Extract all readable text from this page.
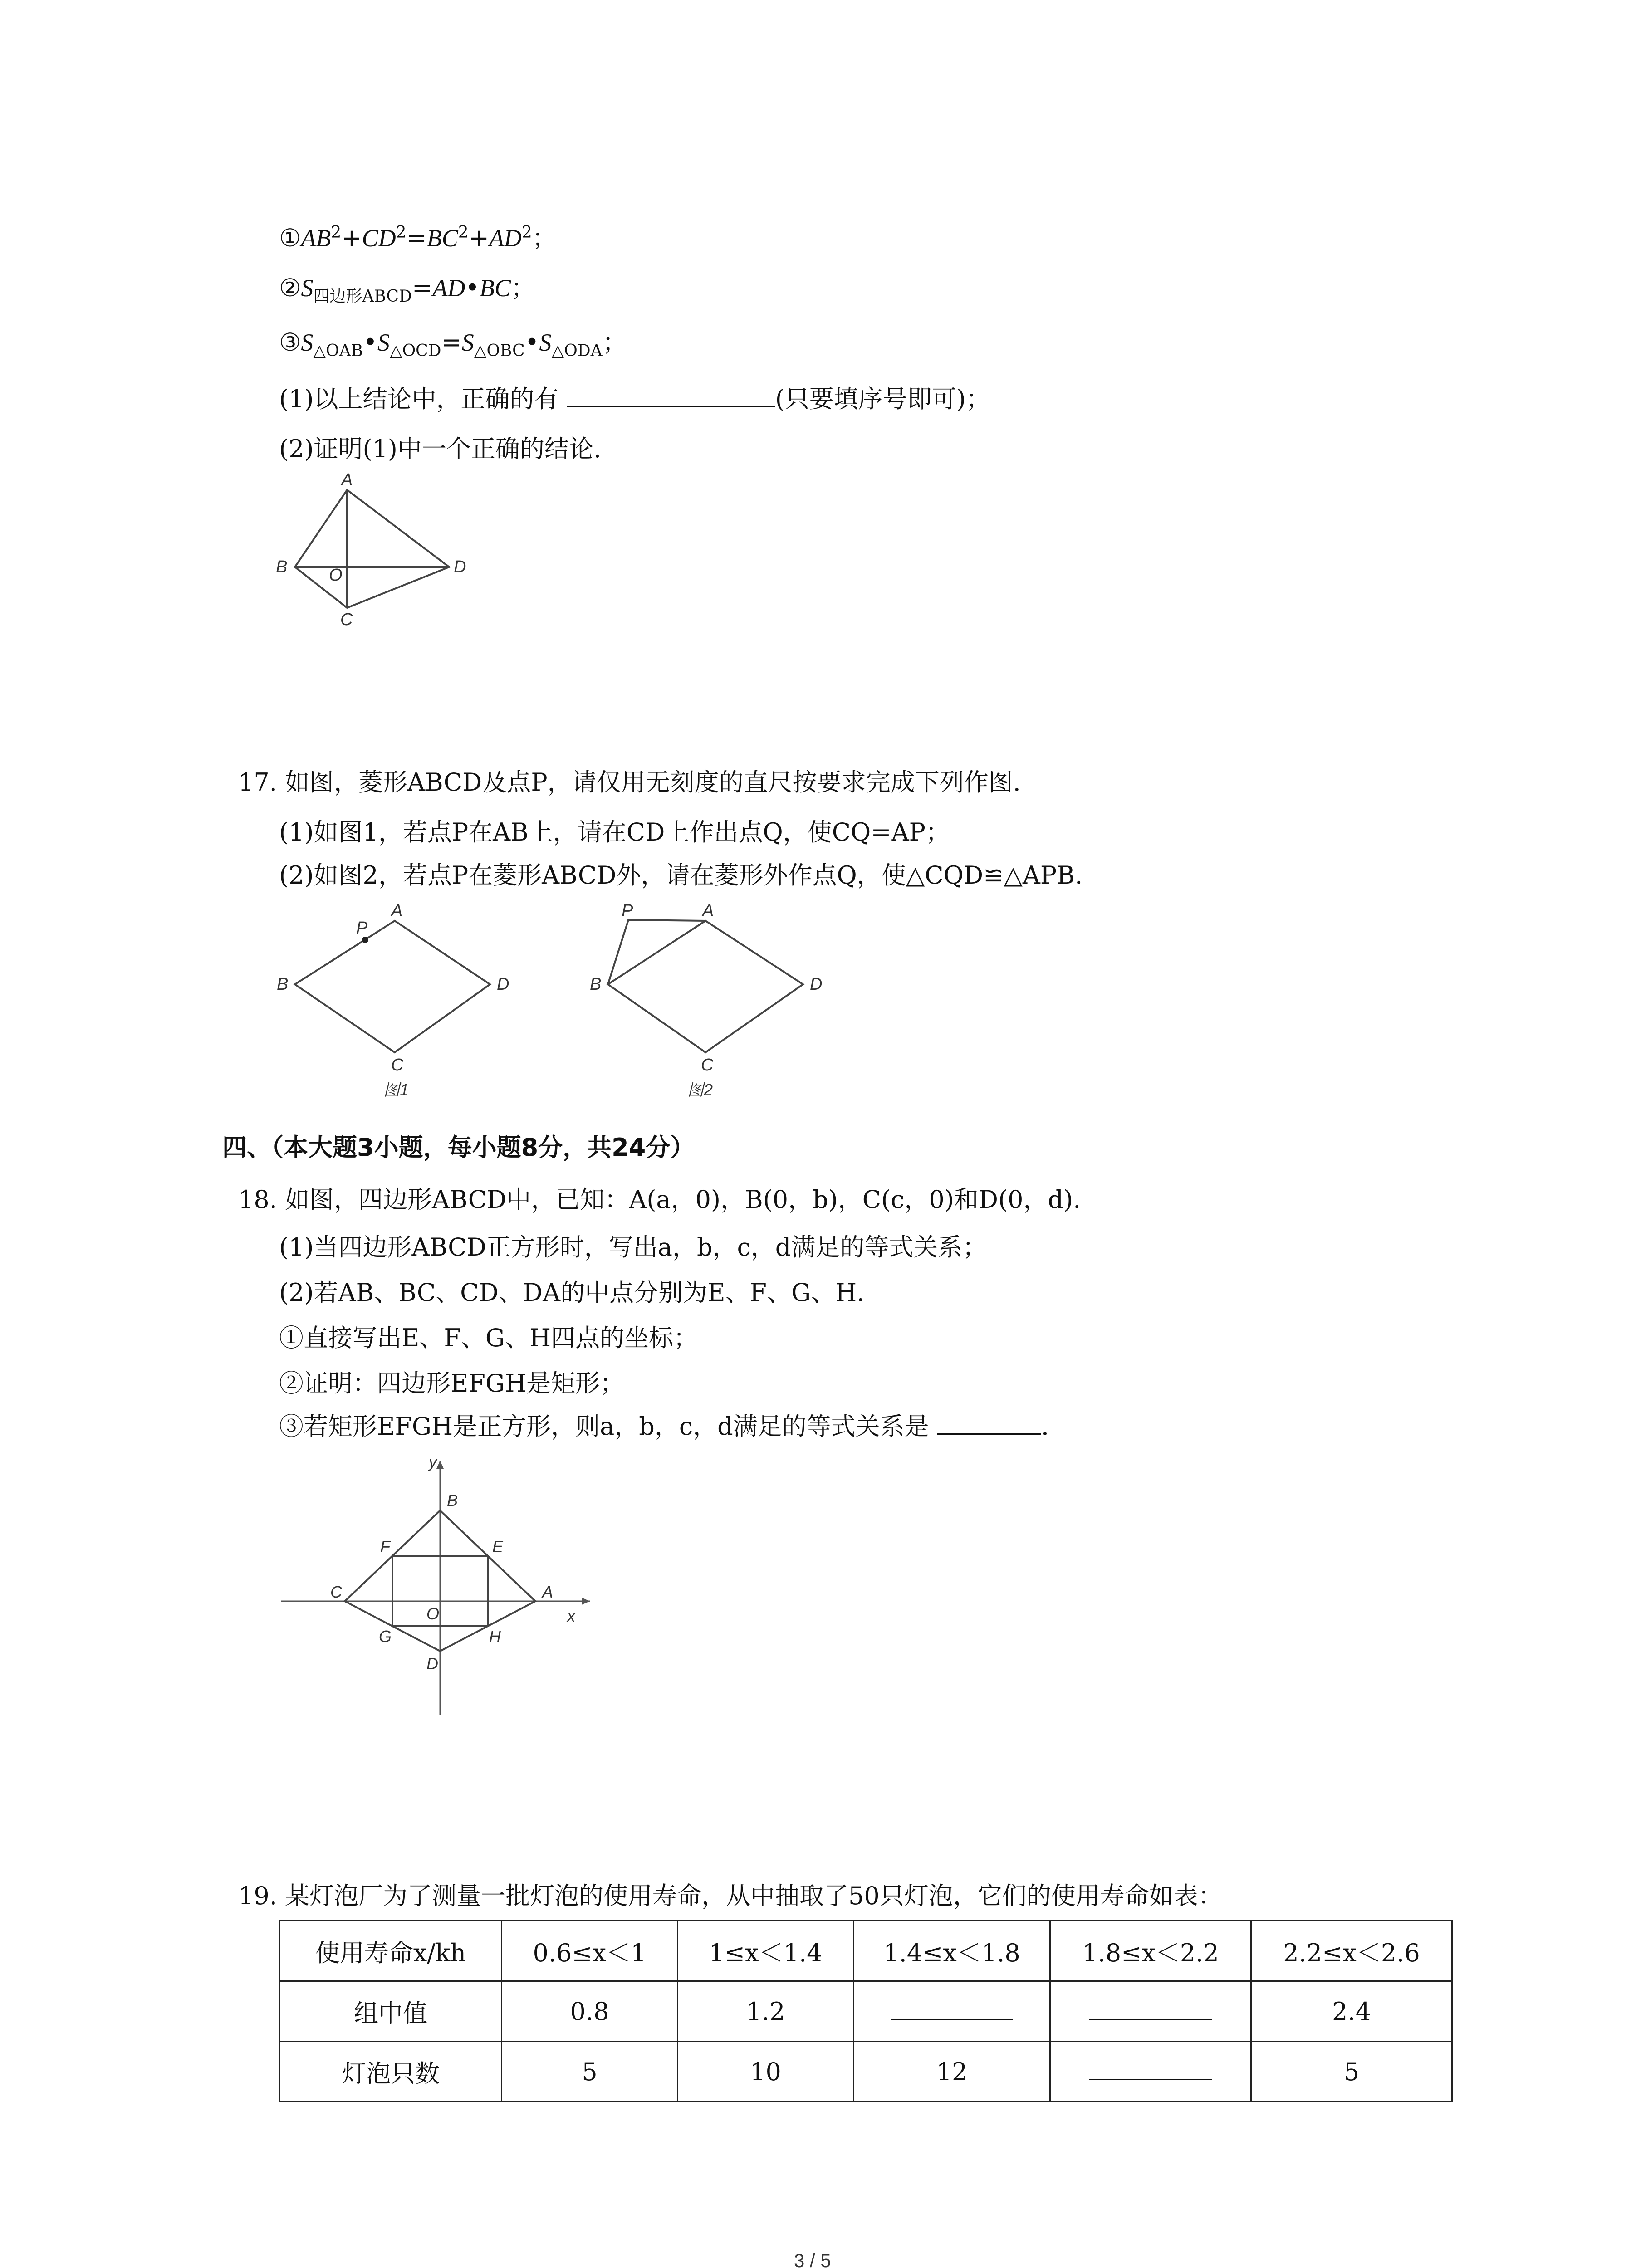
$①AB^2+CD^2=BC^2+AD^2$；
$②S_{四边形ABCD}=AD•BC$；
$③S_{\triangle OAB}•S_{\triangle OCD}=S_{\triangle OBC}•S_{\triangle ODA}$；
(1)以上结论中，正确的有	(只要填序号即可)；
(2)证明(1)中一个正确的结论.
A
B
C
D
O
17. 如图，菱形ABCD及点P，请仅用无刻度的直尺按要求完成下列作图.
(1)如图1，若点P在AB上，请在CD上作出点Q，使CQ=AP；
(2)如图2，若点P在菱形ABCD外，请在菱形外作点Q，使△CQD≌△APB.
A
P
B
C
D
图1
P	A
B
C
D
图2
四、（本大题3小题，每小题8分，共24分）
18. 如图，四边形ABCD中，已知：A(a，0)，B(0，b)，C(c，0)和D(0，d).
(1)当四边形ABCD正方形时，写出a，b，c，d满足的等式关系；
(2)若AB、BC、CD、DA的中点分别为E、F、G、H.
①直接写出E、F、G、H四点的坐标；
②证明：四边形EFGH是矩形；
③若矩形EFGH是正方形，则a，b，c，d满足的等式关系是	.
y
B
F	E
C	A
O	x
G	H
D
19. 某灯泡厂为了测量一批灯泡的使用寿命，从中抽取了50只灯泡，它们的使用寿命如表：
使用寿命x/kh	0.6≤x＜1	1≤x＜1.4	1.4≤x＜1.8	1.8≤x＜2.2	2.2≤x＜2.6
组中值	0.8	1.2			2.4
灯泡只数	5	10	12		5
3 / 5
